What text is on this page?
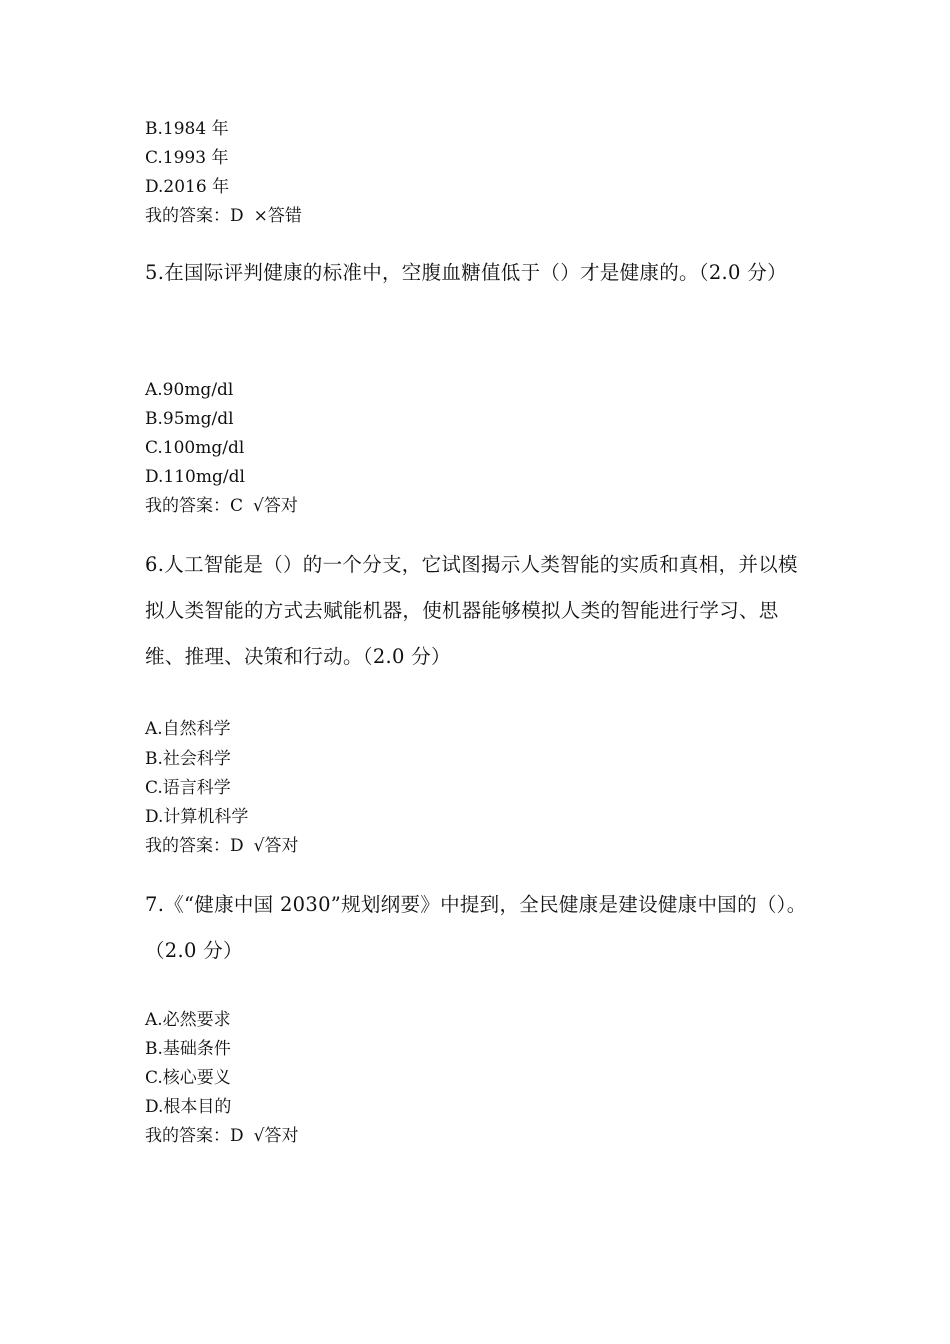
B.1984 年
C.1993 年
D.2016 年
我的答案：D ×答错
5.在国际评判健康的标准中，空腹血糖值低于（）才是健康的。（2.0 分）
A.90mg/dl
B.95mg/dl
C.100mg/dl
D.110mg/dl
我的答案：C √答对
6.人工智能是（）的一个分支，它试图揭示人类智能的实质和真相，并以模拟人类智能的方式去赋能机器，使机器能够模拟人类的智能进行学习、思维、推理、决策和行动。（2.0 分）
A.自然科学
B.社会科学
C.语言科学
D.计算机科学
我的答案：D √答对
7.《“健康中国 2030”规划纲要》中提到，全民健康是建设健康中国的（）。（2.0 分）
A.必然要求
B.基础条件
C.核心要义
D.根本目的
我的答案：D √答对
